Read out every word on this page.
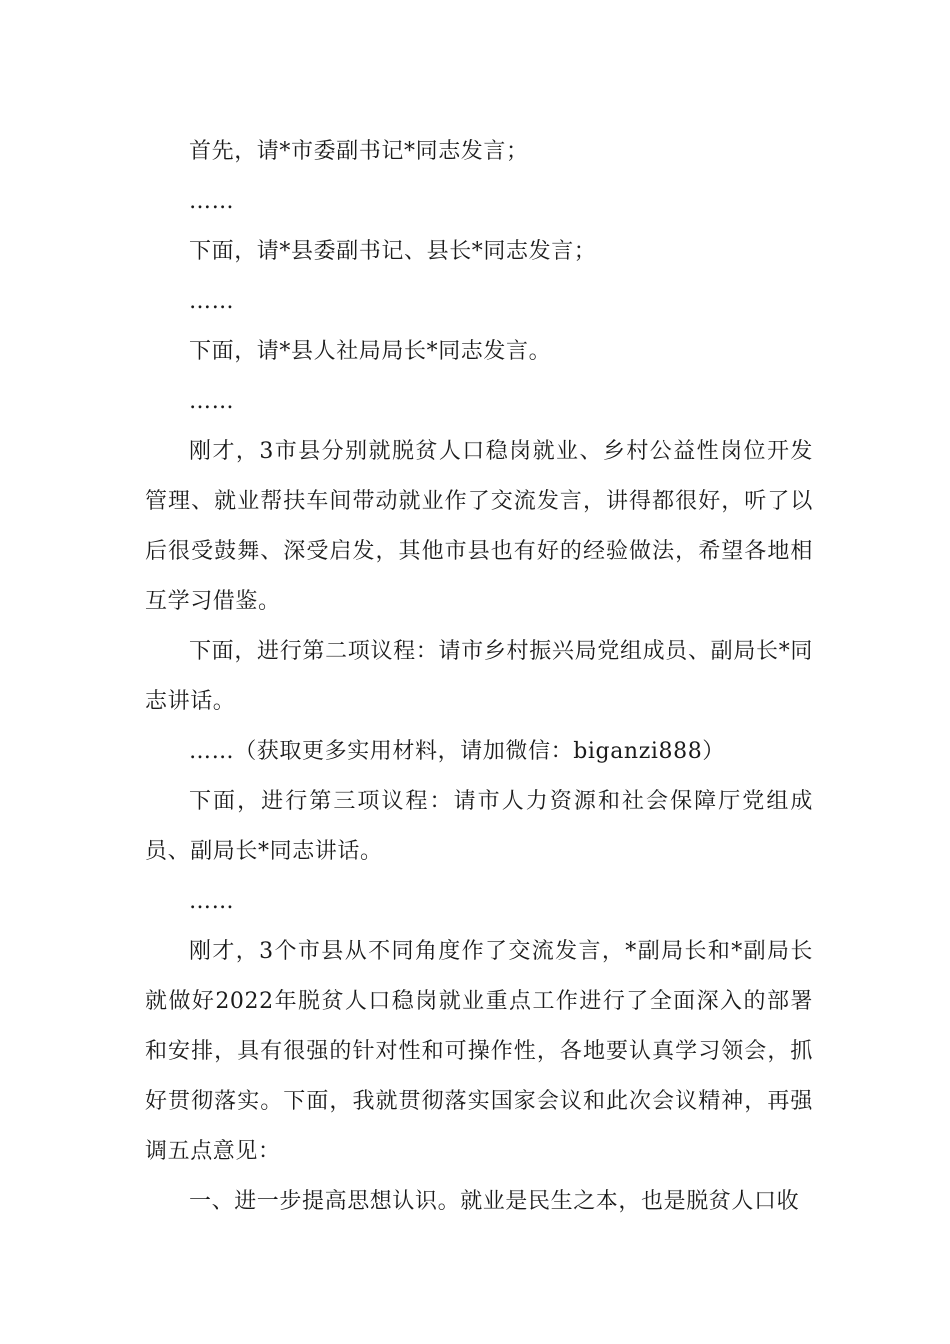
首先，请*市委副书记*同志发言；

……

下面，请*县委副书记、县长*同志发言；

……

下面，请*县人社局局长*同志发言。

……

刚才，3市县分别就脱贫人口稳岗就业、乡村公益性岗位开发管理、就业帮扶车间带动就业作了交流发言，讲得都很好，听了以后很受鼓舞、深受启发，其他市县也有好的经验做法，希望各地相互学习借鉴。

下面，进行第二项议程：请市乡村振兴局党组成员、副局长*同志讲话。

……（获取更多实用材料，请加微信：biganzi888）

下面，进行第三项议程：请市人力资源和社会保障厅党组成员、副局长*同志讲话。

……

刚才，3个市县从不同角度作了交流发言，*副局长和*副局长就做好2022年脱贫人口稳岗就业重点工作进行了全面深入的部署和安排，具有很强的针对性和可操作性，各地要认真学习领会，抓好贯彻落实。下面，我就贯彻落实国家会议和此次会议精神，再强调五点意见：

一、进一步提高思想认识。就业是民生之本，也是脱贫人口收
